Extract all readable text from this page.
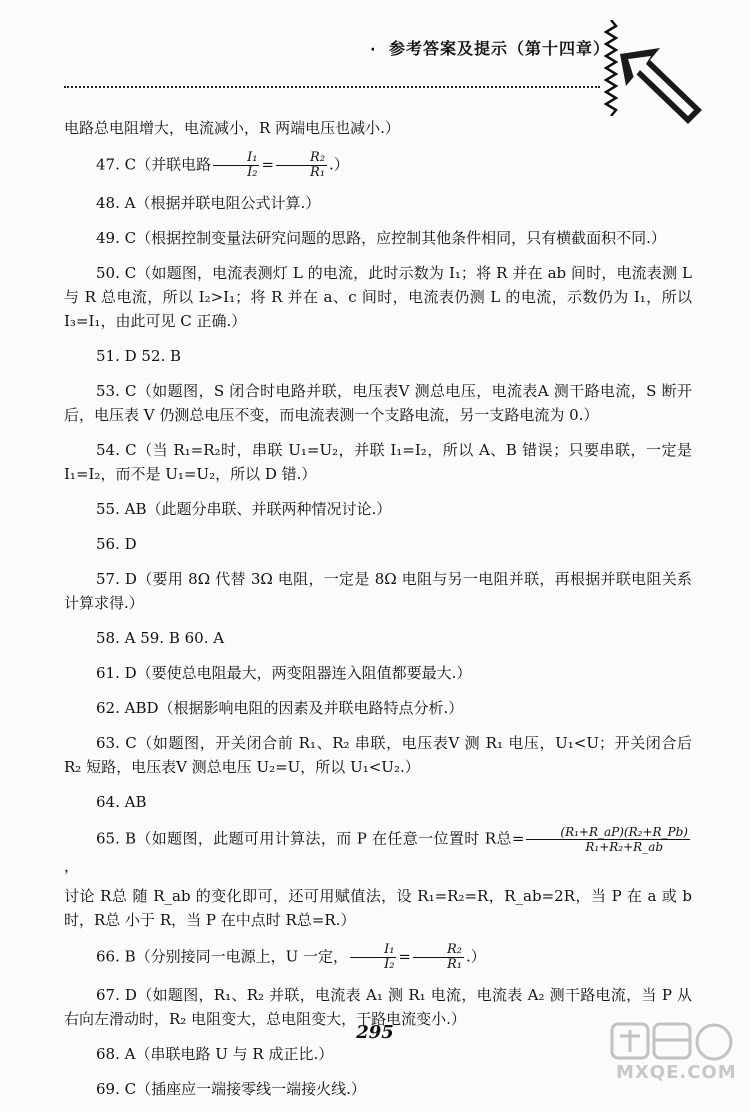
· 参考答案及提示（第十四章）
电路总电阻增大，电流减小，R 两端电压也减小.）
47. C（并联电路 $\frac{\text{I₁}}{\text{I₂}} = \frac{\text{R₂}}{\text{R₁}}$ .）
48. A（根据并联电阻公式计算.）
49. C（根据控制变量法研究问题的思路，应控制其他条件相同，只有横截面积不同.）
50. C（如题图，电流表测灯 L 的电流，此时示数为 I₁；将 R 并在 ab 间时，电流表测 L 与 R 总电流，所以 I₂>I₁；将 R 并在 a、c 间时，电流表仍测 L 的电流，示数仍为 I₁，所以 I₃=I₁，由此可见 C 正确.）
51. D 52. B
53. C（如题图，S 闭合时电路并联，电压表V 测总电压，电流表A 测干路电流，S 断开后，电压表 V 仍测总电压不变，而电流表测一个支路电流，另一支路电流为 0.）
54. C（当 R₁=R₂时，串联 U₁=U₂，并联 I₁=I₂，所以 A、B 错误；只要串联，一定是 I₁=I₂，而不是 U₁=U₂，所以 D 错.）
55. AB（此题分串联、并联两种情况讨论.）
56. D
57. D（要用 8Ω 代替 3Ω 电阻，一定是 8Ω 电阻与另一电阻并联，再根据并联电阻关系计算求得.）
58. A 59. B 60. A
61. D（要使总电阻最大，两变阻器连入阻值都要最大.）
62. ABD（根据影响电阻的因素及并联电路特点分析.）
63. C（如题图，开关闭合前 R₁、R₂ 串联，电压表V 测 R₁ 电压，U₁<U；开关闭合后 R₂ 短路，电压表V 测总电压 U₂=U，所以 U₁<U₂.）
64. AB
65. B（如题图，此题可用计算法，而 P 在任意一位置时 R总= $\frac{\text{(R₁+R\_aP)(R₂+R\_Pb)}}{\text{R₁+R₂+R\_ab}}$
，
讨论 R总 随 R_ab 的变化即可，还可用赋值法，设 R₁=R₂=R，R_ab=2R，当 P 在 a 或 b 时，R总 小于 R，当 P 在中点时 R总=R.）
66. B（分别接同一电源上，U 一定， $\frac{\text{I₁}}{\text{I₂}} = \frac{\text{R₂}}{\text{R₁}}$ .）
67. D（如题图，R₁、R₂ 并联，电流表 A₁ 测 R₁ 电流，电流表 A₂ 测干路电流，当 P 从右向左滑动时，R₂ 电阻变大，总电阻变大，干路电流变小.）
68. A（串联电路 U 与 R 成正比.）
69. C（插座应一端接零线一端接火线.）
295
MXQE.COM
